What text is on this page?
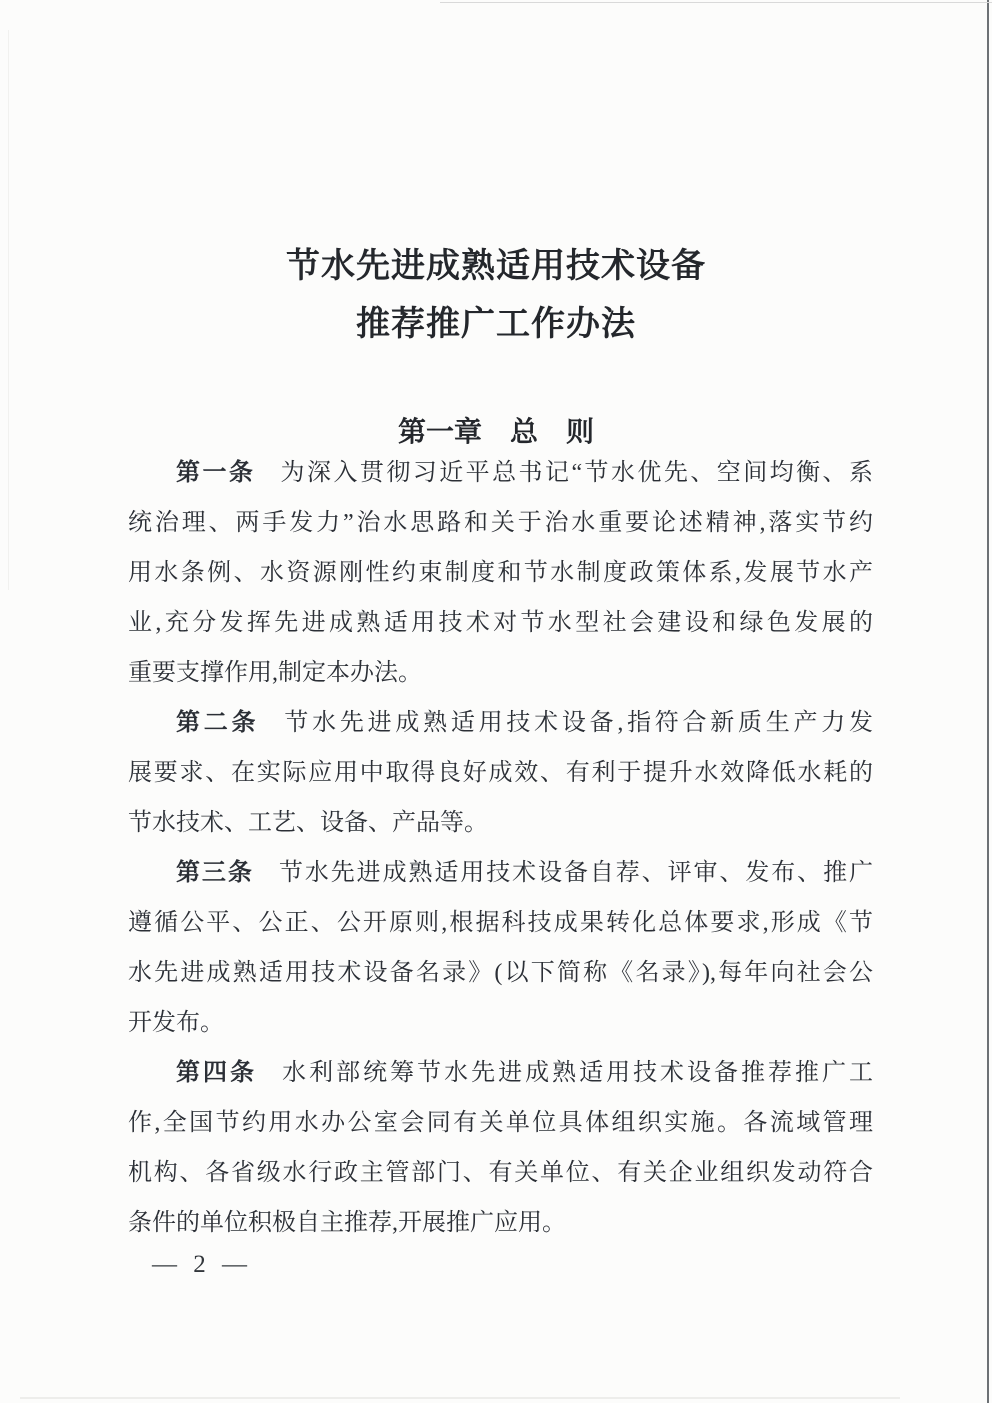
节水先进成熟适用技术设备
推荐推广工作办法
第一章　总　则
第一条 为深入贯彻习近平总书记“节水优先、空间均衡、系
统治理、两手发力”治水思路和关于治水重要论述精神,落实节约
用水条例、水资源刚性约束制度和节水制度政策体系,发展节水产
业,充分发挥先进成熟适用技术对节水型社会建设和绿色发展的
重要支撑作用,制定本办法。
第二条 节水先进成熟适用技术设备,指符合新质生产力发
展要求、在实际应用中取得良好成效、有利于提升水效降低水耗的
节水技术、工艺、设备、产品等。
第三条 节水先进成熟适用技术设备自荐、评审、发布、推广
遵循公平、公正、公开原则,根据科技成果转化总体要求,形成《节
水先进成熟适用技术设备名录》(以下简称《名录》),每年向社会公
开发布。
第四条 水利部统筹节水先进成熟适用技术设备推荐推广工
作,全国节约用水办公室会同有关单位具体组织实施。各流域管理
机构、各省级水行政主管部门、有关单位、有关企业组织发动符合
条件的单位积极自主推荐,开展推广应用。
— 2 —
